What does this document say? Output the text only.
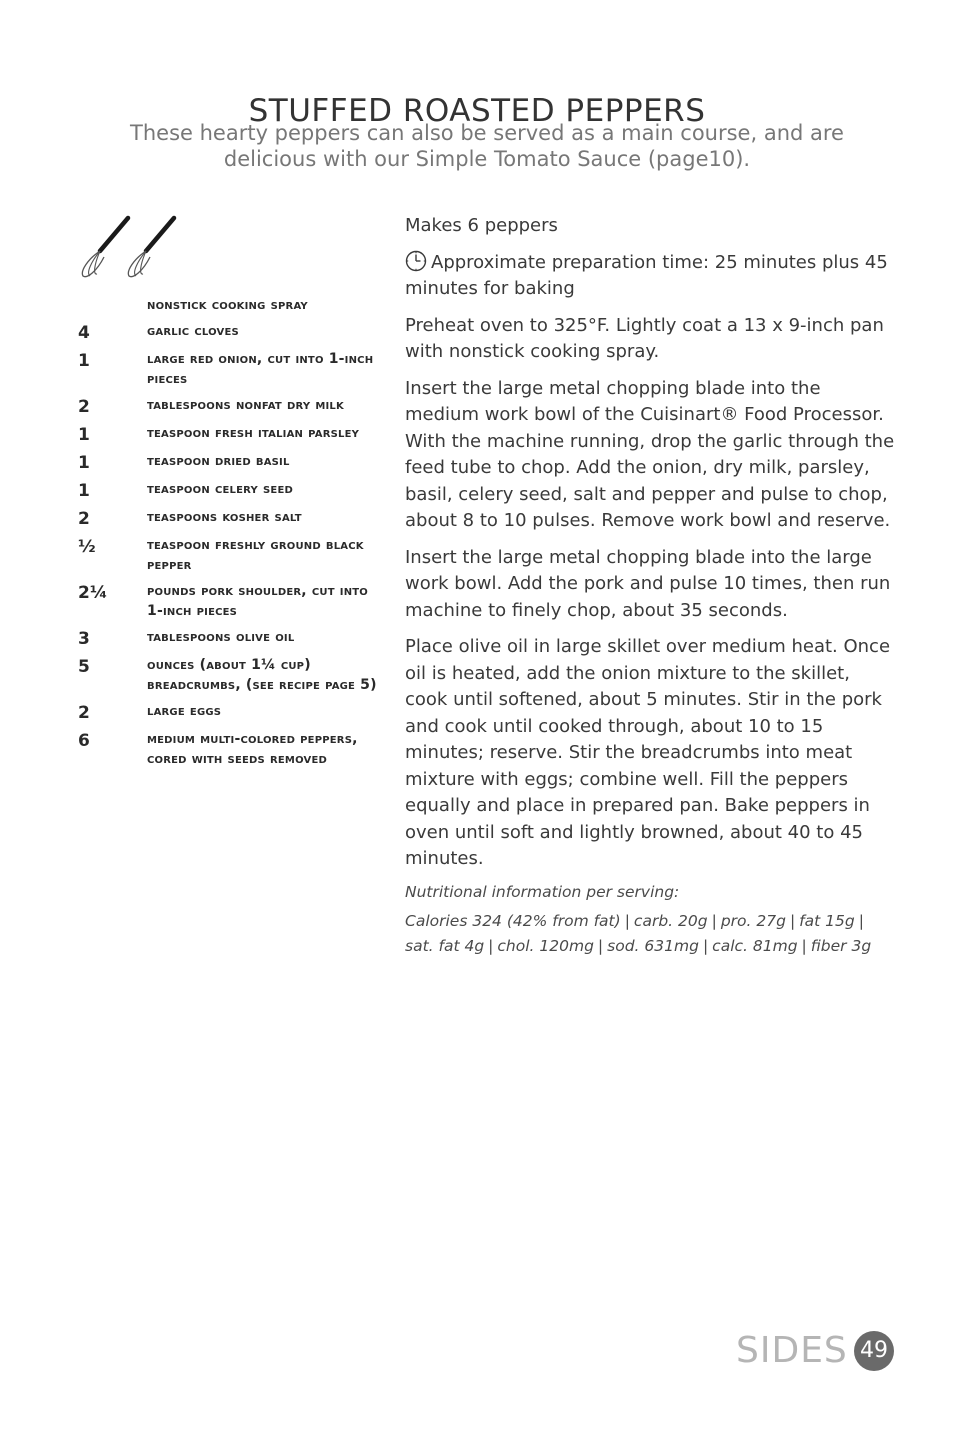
STUFFED ROASTED PEPPERS
These hearty peppers can also be served as a main course, and are
delicious with our Simple Tomato Sauce (page10).
nonstick cooking spray
4	garlic cloves
1	large red onion, cut into 1-inch pieces
2	tablespoons nonfat dry milk
1	teaspoon fresh italian parsley
1	teaspoon dried basil
1	teaspoon celery seed
2	teaspoons kosher salt
½	teaspoon freshly ground black pepper
2¼	pounds pork shoulder, cut into 1-inch pieces
3	tablespoons olive oil
5	ounces (about 1¼ cup) breadcrumbs, (see recipe page 5)
2	large eggs
6	medium multi-colored peppers, cored with seeds removed

Makes 6 peppers

Approximate preparation time: 25 minutes plus 45 minutes for baking

Preheat oven to 325°F. Lightly coat a 13 x 9-inch pan with nonstick cooking spray.

Insert the large metal chopping blade into the medium work bowl of the Cuisinart® Food Processor. With the machine running, drop the garlic through the feed tube to chop. Add the onion, dry milk, parsley, basil, celery seed, salt and pepper and pulse to chop, about 8 to 10 pulses. Remove work bowl and reserve.

Insert the large metal chopping blade into the large work bowl. Add the pork and pulse 10 times, then run machine to finely chop, about 35 seconds.

Place olive oil in large skillet over medium heat. Once oil is heated, add the onion mixture to the skillet, cook until softened, about 5 minutes. Stir in the pork and cook until cooked through, about 10 to 15 minutes; reserve. Stir the breadcrumbs into meat mixture with eggs; combine well. Fill the peppers equally and place in prepared pan. Bake peppers in oven until soft and lightly browned, about 40 to 45 minutes.

Nutritional information per serving:
Calories 324 (42% from fat) | carb. 20g | pro. 27g | fat 15g |
sat. fat 4g | chol. 120mg | sod. 631mg | calc. 81mg | fiber 3g
SIDES 49
